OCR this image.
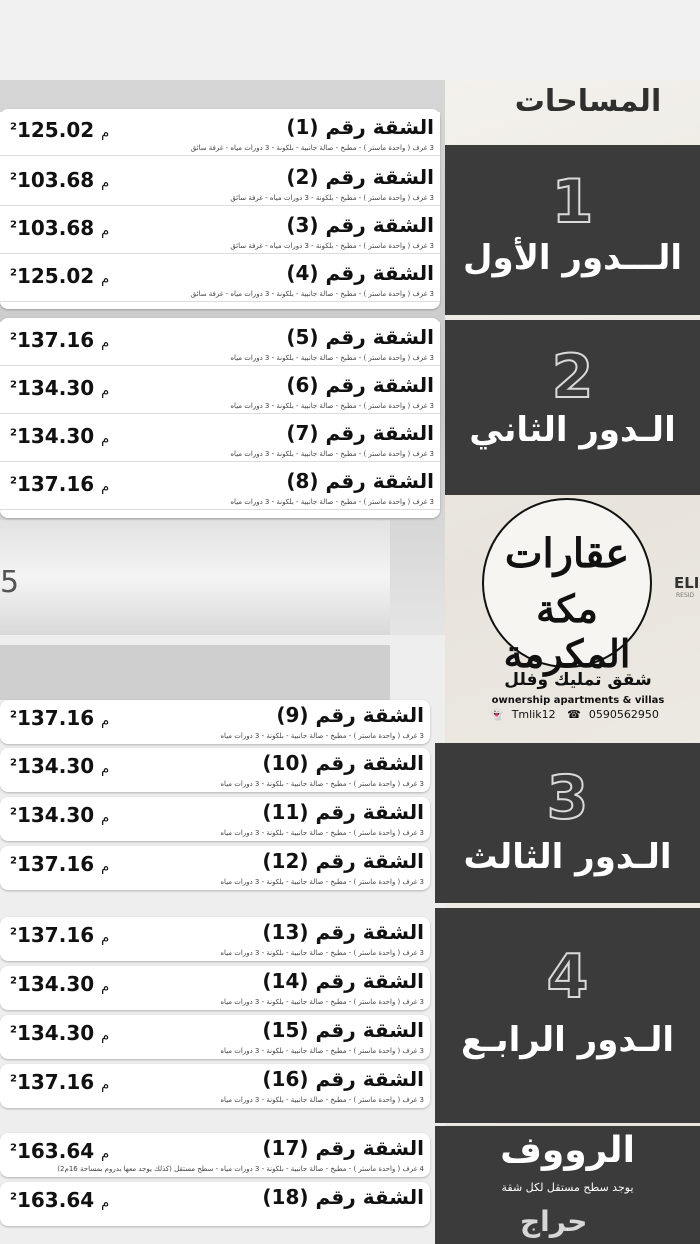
المساحات
1
الـــدور الأول
2
الـدور الثاني
3
الـدور الثالث
4
الـدور الرابـع
الرووف
يوجد سطح مستقل لكل شقة
الشقة رقم (1)
3 غرف ( واحدة ماستر ) - مطبخ - صالة جانبية - بلكونة - 3 دورات مياه - غرفة سائق
$^2$	م 125.02
الشقة رقم (2)
3 غرف ( واحدة ماستر ) - مطبخ - بلكونة - 3 دورات مياه - غرفة سائق
$^2$	م 103.68
الشقة رقم (3)
3 غرف ( واحدة ماستر ) - مطبخ - بلكونة - 3 دورات مياه - غرفة سائق
$^2$	م 103.68
الشقة رقم (4)
3 غرف ( واحدة ماستر ) - مطبخ - صالة جانبية - بلكونة - 3 دورات مياه - غرفة سائق
$^2$	م 125.02
الشقة رقم (5)
3 غرف ( واحدة ماستر ) - مطبخ - صالة جانبية - بلكونة - 3 دورات مياه
$^2$	م 137.16
الشقة رقم (6)
3 غرف ( واحدة ماستر ) - مطبخ - صالة جانبية - بلكونة - 3 دورات مياه
$^2$	م 134.30
الشقة رقم (7)
3 غرف ( واحدة ماستر ) - مطبخ - صالة جانبية - بلكونة - 3 دورات مياه
$^2$	م 134.30
الشقة رقم (8)
3 غرف ( واحدة ماستر ) - مطبخ - صالة جانبية - بلكونة - 3 دورات مياه
$^2$	م 137.16
الشقة رقم (9)
3 غرف ( واحدة ماستر ) - مطبخ - صالة جانبية - بلكونة - 3 دورات مياه
$^2$	م 137.16
الشقة رقم (10)
3 غرف ( واحدة ماستر ) - مطبخ - صالة جانبية - بلكونة - 3 دورات مياه
$^2$	م 134.30
الشقة رقم (11)
3 غرف ( واحدة ماستر ) - مطبخ - صالة جانبية - بلكونة - 3 دورات مياه
$^2$	م 134.30
الشقة رقم (12)
3 غرف ( واحدة ماستر ) - مطبخ - صالة جانبية - بلكونة - 3 دورات مياه
$^2$	م 137.16
الشقة رقم (13)
3 غرف ( واحدة ماستر ) - مطبخ - صالة جانبية - بلكونة - 3 دورات مياه
$^2$	م 137.16
الشقة رقم (14)
3 غرف ( واحدة ماستر ) - مطبخ - صالة جانبية - بلكونة - 3 دورات مياه
$^2$	م 134.30
الشقة رقم (15)
3 غرف ( واحدة ماستر ) - مطبخ - صالة جانبية - بلكونة - 3 دورات مياه
$^2$	م 134.30
الشقة رقم (16)
3 غرف ( واحدة ماستر ) - مطبخ - صالة جانبية - بلكونة - 3 دورات مياه
$^2$	م 137.16
الشقة رقم (17)
4 غرف ( واحدة ماستر ) - مطبخ - صالة جانبية - بلكونة - 3 دورات مياه - سطح مستقل (كذلك يوجد معها بدروم بمساحة 16م2)
$^2$	م 163.64
الشقة رقم (18)
$^2$	م 163.64
عقارات
مكة المكرمة
شقق تمليك وفلل
ownership apartments & villas
👻 Tmlik12 ☎ 0590562950
ELI
RESID
5
حراج
